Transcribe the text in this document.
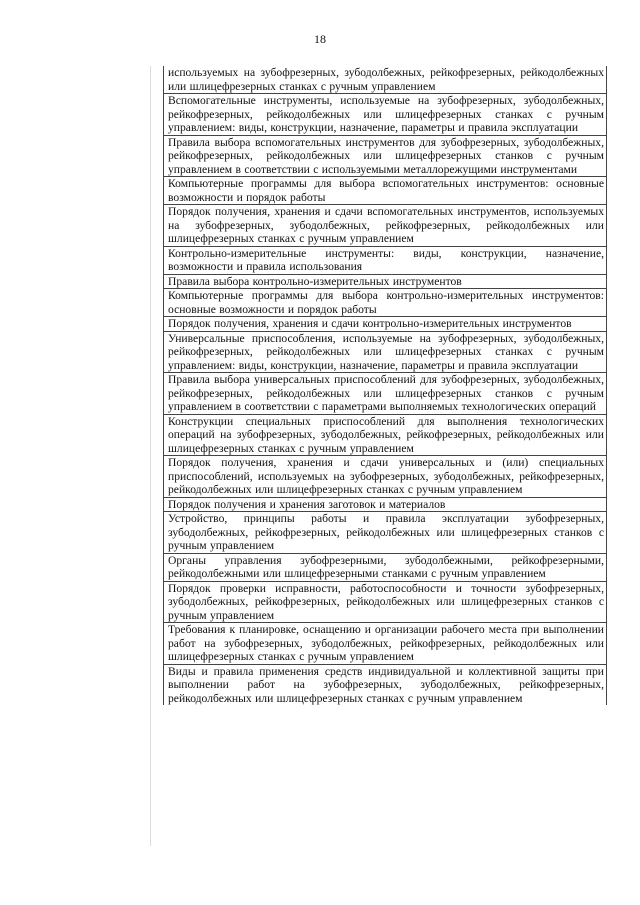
18
используемых на зубофрезерных, зубодолбежных, рейкофрезерных, рейкодолбежных или шлицефрезерных станках с ручным управлением
Вспомогательные инструменты, используемые на зубофрезерных, зубодолбежных, рейкофрезерных, рейкодолбежных или шлицефрезерных станках с ручным управлением: виды, конструкции, назначение, параметры и правила эксплуатации
Правила выбора вспомогательных инструментов для зубофрезерных, зубодолбежных, рейкофрезерных, рейкодолбежных или шлицефрезерных станков с ручным управлением в соответствии с используемыми металлорежущими инструментами
Компьютерные программы для выбора вспомогательных инструментов: основные возможности и порядок работы
Порядок получения, хранения и сдачи вспомогательных инструментов, используемых на зубофрезерных, зубодолбежных, рейкофрезерных, рейкодолбежных или шлицефрезерных станках с ручным управлением
Контрольно-измерительные инструменты: виды, конструкции, назначение, возможности и правила использования
Правила выбора контрольно-измерительных инструментов
Компьютерные программы для выбора контрольно-измерительных инструментов: основные возможности и порядок работы
Порядок получения, хранения и сдачи контрольно-измерительных инструментов
Универсальные приспособления, используемые на зубофрезерных, зубодолбежных, рейкофрезерных, рейкодолбежных или шлицефрезерных станках с ручным управлением: виды, конструкции, назначение, параметры и правила эксплуатации
Правила выбора универсальных приспособлений для зубофрезерных, зубодолбежных, рейкофрезерных, рейкодолбежных или шлицефрезерных станков с ручным управлением в соответствии с параметрами выполняемых технологических операций
Конструкции специальных приспособлений для выполнения технологических операций на зубофрезерных, зубодолбежных, рейкофрезерных, рейкодолбежных или шлицефрезерных станках с ручным управлением
Порядок получения, хранения и сдачи универсальных и (или) специальных приспособлений, используемых на зубофрезерных, зубодолбежных, рейкофрезерных, рейкодолбежных или шлицефрезерных станках с ручным управлением
Порядок получения и хранения заготовок и материалов
Устройство, принципы работы и правила эксплуатации зубофрезерных, зубодолбежных, рейкофрезерных, рейкодолбежных или шлицефрезерных станков с ручным управлением
Органы управления зубофрезерными, зубодолбежными, рейкофрезерными, рейкодолбежными или шлицефрезерными станками с ручным управлением
Порядок проверки исправности, работоспособности и точности зубофрезерных, зубодолбежных, рейкофрезерных, рейкодолбежных или шлицефрезерных станков с ручным управлением
Требования к планировке, оснащению и организации рабочего места при выполнении работ на зубофрезерных, зубодолбежных, рейкофрезерных, рейкодолбежных или шлицефрезерных станках с ручным управлением
Виды и правила применения средств индивидуальной и коллективной защиты при выполнении работ на зубофрезерных, зубодолбежных, рейкофрезерных, рейкодолбежных или шлицефрезерных станках с ручным управлением
